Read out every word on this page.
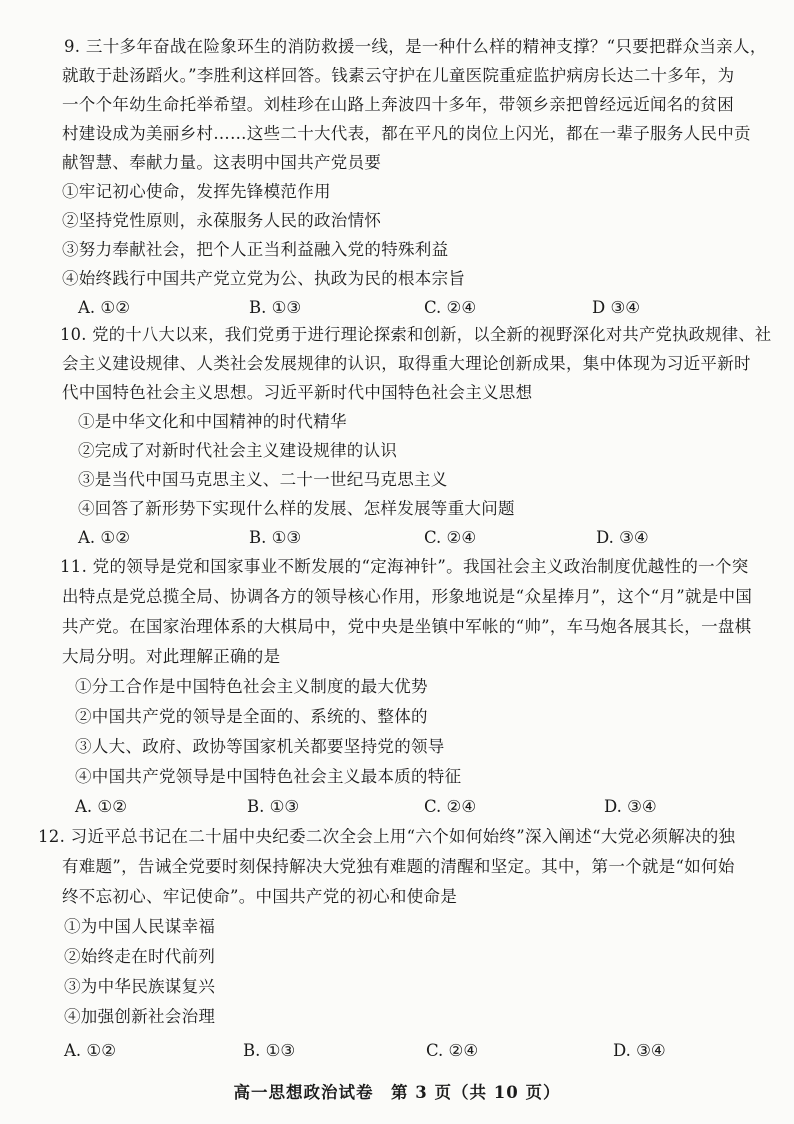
9. 三十多年奋战在险象环生的消防救援一线，是一种什么样的精神支撑？“只要把群众当亲人，
就敢于赴汤蹈火。”李胜利这样回答。钱素云守护在儿童医院重症监护病房长达二十多年，为
一个个年幼生命托举希望。刘桂珍在山路上奔波四十多年，带领乡亲把曾经远近闻名的贫困
村建设成为美丽乡村……这些二十大代表，都在平凡的岗位上闪光，都在一辈子服务人民中贡
献智慧、奉献力量。这表明中国共产党员要
①牢记初心使命，发挥先锋模范作用
②坚持党性原则，永葆服务人民的政治情怀
③努力奉献社会，把个人正当利益融入党的特殊利益
④始终践行中国共产党立党为公、执政为民的根本宗旨
A. ①②	B. ①③	C. ②④	D ③④
10. 党的十八大以来，我们党勇于进行理论探索和创新，以全新的视野深化对共产党执政规律、社
会主义建设规律、人类社会发展规律的认识，取得重大理论创新成果，集中体现为习近平新时
代中国特色社会主义思想。习近平新时代中国特色社会主义思想
①是中华文化和中国精神的时代精华
②完成了对新时代社会主义建设规律的认识
③是当代中国马克思主义、二十一世纪马克思主义
④回答了新形势下实现什么样的发展、怎样发展等重大问题
A. ①②	B. ①③	C. ②④	D. ③④
11. 党的领导是党和国家事业不断发展的“定海神针”。我国社会主义政治制度优越性的一个突
出特点是党总揽全局、协调各方的领导核心作用，形象地说是“众星捧月”，这个“月”就是中国
共产党。在国家治理体系的大棋局中，党中央是坐镇中军帐的“帅”，车马炮各展其长，一盘棋
大局分明。对此理解正确的是
①分工合作是中国特色社会主义制度的最大优势
②中国共产党的领导是全面的、系统的、整体的
③人大、政府、政协等国家机关都要坚持党的领导
④中国共产党领导是中国特色社会主义最本质的特征
A. ①②	B. ①③	C. ②④	D. ③④
12. 习近平总书记在二十届中央纪委二次全会上用“六个如何始终”深入阐述“大党必须解决的独
有难题”，告诫全党要时刻保持解决大党独有难题的清醒和坚定。其中，第一个就是“如何始
终不忘初心、牢记使命”。中国共产党的初心和使命是
①为中国人民谋幸福
②始终走在时代前列
③为中华民族谋复兴
④加强创新社会治理
A. ①②	B. ①③	C. ②④	D. ③④
高一思想政治试卷　第 3 页（共 10 页）
